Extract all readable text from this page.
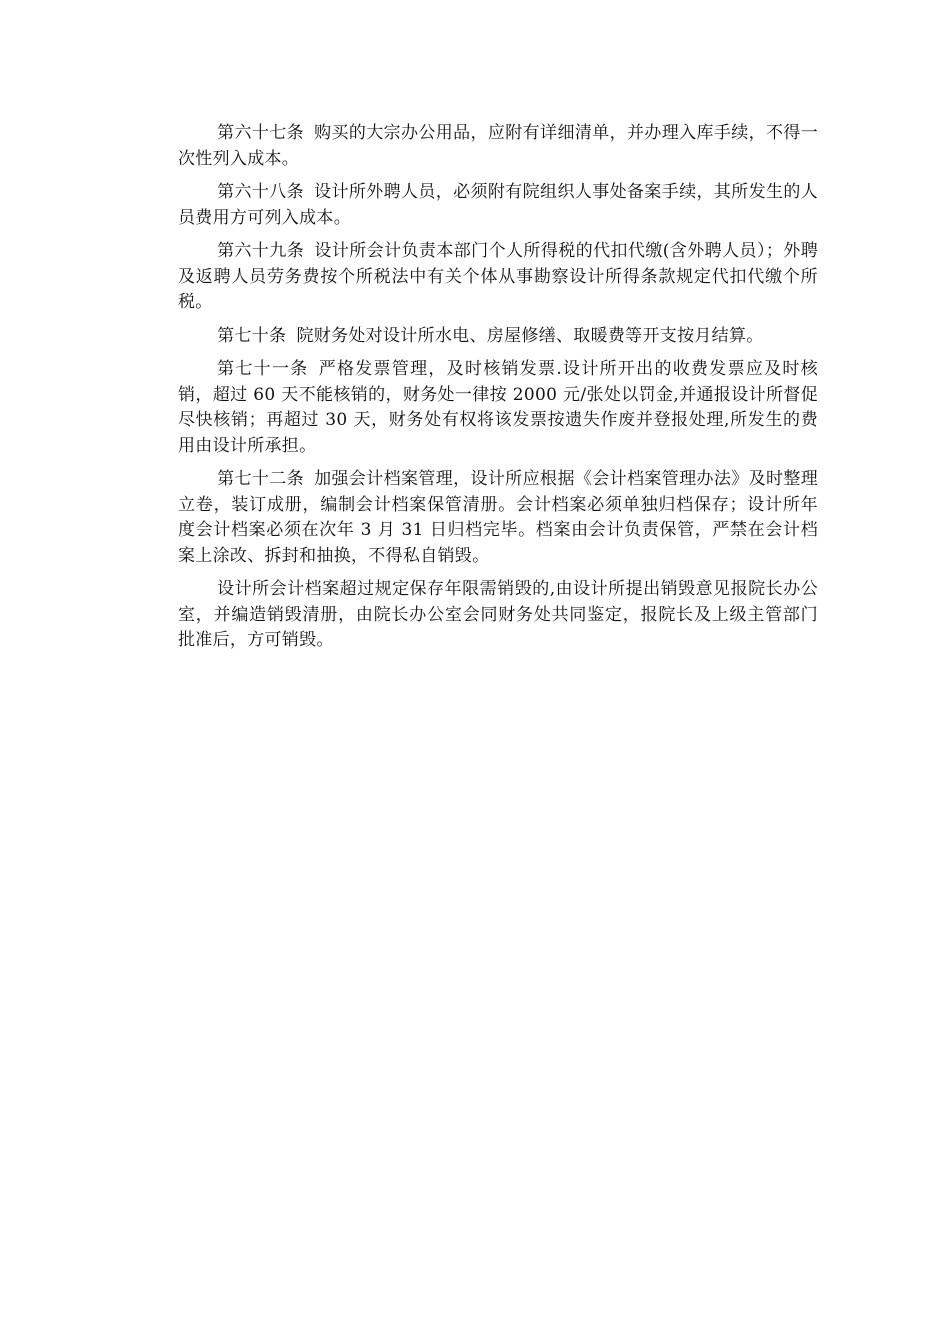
第六十七条 购买的大宗办公用品，应附有详细清单，并办理入库手续，不得一次性列入成本。

第六十八条 设计所外聘人员，必须附有院组织人事处备案手续，其所发生的人员费用方可列入成本。

第六十九条 设计所会计负责本部门个人所得税的代扣代缴(含外聘人员）；外聘及返聘人员劳务费按个所税法中有关个体从事勘察设计所得条款规定代扣代缴个所税。

第七十条 院财务处对设计所水电、房屋修缮、取暖费等开支按月结算。

第七十一条 严格发票管理，及时核销发票.设计所开出的收费发票应及时核销，超过 60 天不能核销的，财务处一律按 2000 元/张处以罚金,并通报设计所督促尽快核销；再超过 30 天，财务处有权将该发票按遗失作废并登报处理,所发生的费用由设计所承担。

第七十二条 加强会计档案管理，设计所应根据《会计档案管理办法》及时整理立卷，装订成册，编制会计档案保管清册。会计档案必须单独归档保存；设计所年度会计档案必须在次年 3 月 31 日归档完毕。档案由会计负责保管，严禁在会计档案上涂改、拆封和抽换，不得私自销毁。

设计所会计档案超过规定保存年限需销毁的,由设计所提出销毁意见报院长办公室，并编造销毁清册，由院长办公室会同财务处共同鉴定，报院长及上级主管部门批准后，方可销毁。
